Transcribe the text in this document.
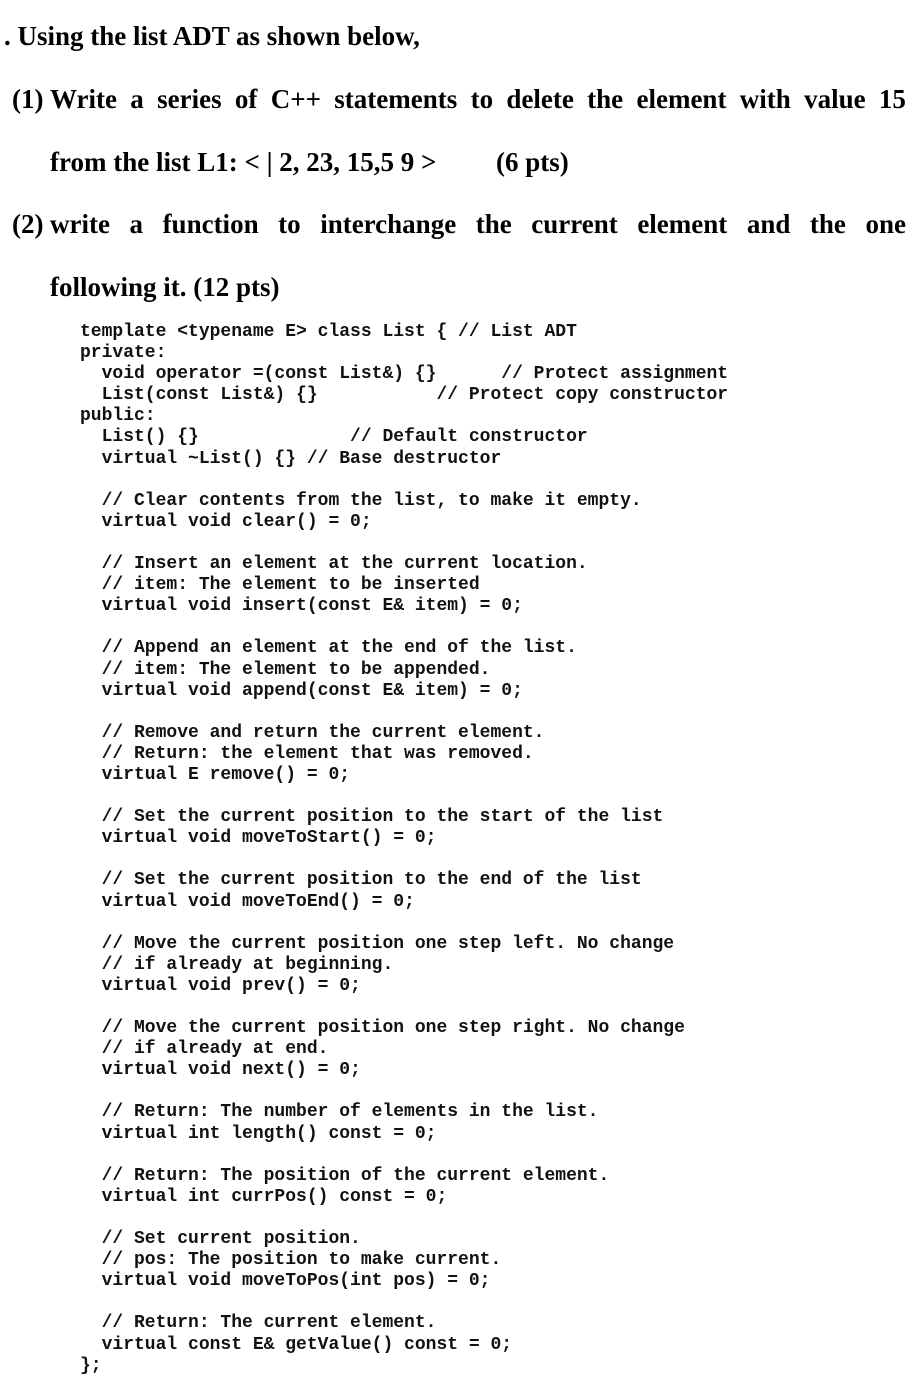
. Using the list ADT as shown below,
(1) Write a series of C++ statements to delete the element with value 15
from the list L1: < | 2, 23, 15,5 9 > (6 pts)
(2) write a function to interchange the current element and the one
following it. (12 pts)
template <typename E> class List { // List ADT
private:
void operator =(const List&) {}      // Protect assignment
List(const List&) {}           // Protect copy constructor
public:
List() {}              // Default constructor
virtual ~List() {} // Base destructor
// Clear contents from the list, to make it empty.
virtual void clear() = 0;
// Insert an element at the current location.
// item: The element to be inserted
virtual void insert(const E& item) = 0;
// Append an element at the end of the list.
// item: The element to be appended.
virtual void append(const E& item) = 0;
// Remove and return the current element.
// Return: the element that was removed.
virtual E remove() = 0;
// Set the current position to the start of the list
virtual void moveToStart() = 0;
// Set the current position to the end of the list
virtual void moveToEnd() = 0;
// Move the current position one step left. No change
// if already at beginning.
virtual void prev() = 0;
// Move the current position one step right. No change
// if already at end.
virtual void next() = 0;
// Return: The number of elements in the list.
virtual int length() const = 0;
// Return: The position of the current element.
virtual int currPos() const = 0;
// Set current position.
// pos: The position to make current.
virtual void moveToPos(int pos) = 0;
// Return: The current element.
virtual const E& getValue() const = 0;
};
